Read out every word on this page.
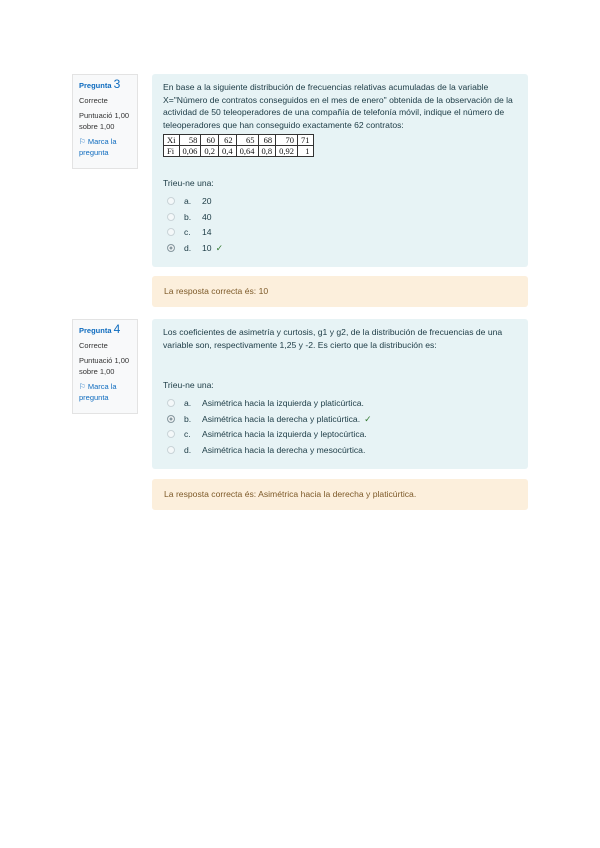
Pregunta 3
Correcte
Puntuació 1,00 sobre 1,00
⚐ Marca la pregunta
En base a la siguiente distribución de frecuencias relativas acumuladas de la variable X="Número de contratos conseguidos en el mes de enero" obtenida de la observación de la actividad de 50 teleoperadores de una compañía de telefonía móvil, indique el número de teleoperadores que han conseguido exactamente 62 contratos:
Xi	58	60	62	65	68	70	71
Fi	0,06	0,2	0,4	0,64	0,8	0,92	1
Trieu-ne una:
a.	20
b.	40
c.	14
d.	10 ✓
La resposta correcta és: 10
Pregunta 4
Correcte
Puntuació 1,00 sobre 1,00
⚐ Marca la pregunta
Los coeficientes de asimetría y curtosis, g1 y g2, de la distribución de frecuencias de una variable son, respectivamente 1,25 y -2. Es cierto que la distribución es:
Trieu-ne una:
a.	Asimétrica hacia la izquierda y platicúrtica.
b.	Asimétrica hacia la derecha y platicúrtica. ✓
c.	Asimétrica hacia la izquierda y leptocúrtica.
d.	Asimétrica hacia la derecha y mesocúrtica.
La resposta correcta és: Asimétrica hacia la derecha y platicúrtica.
